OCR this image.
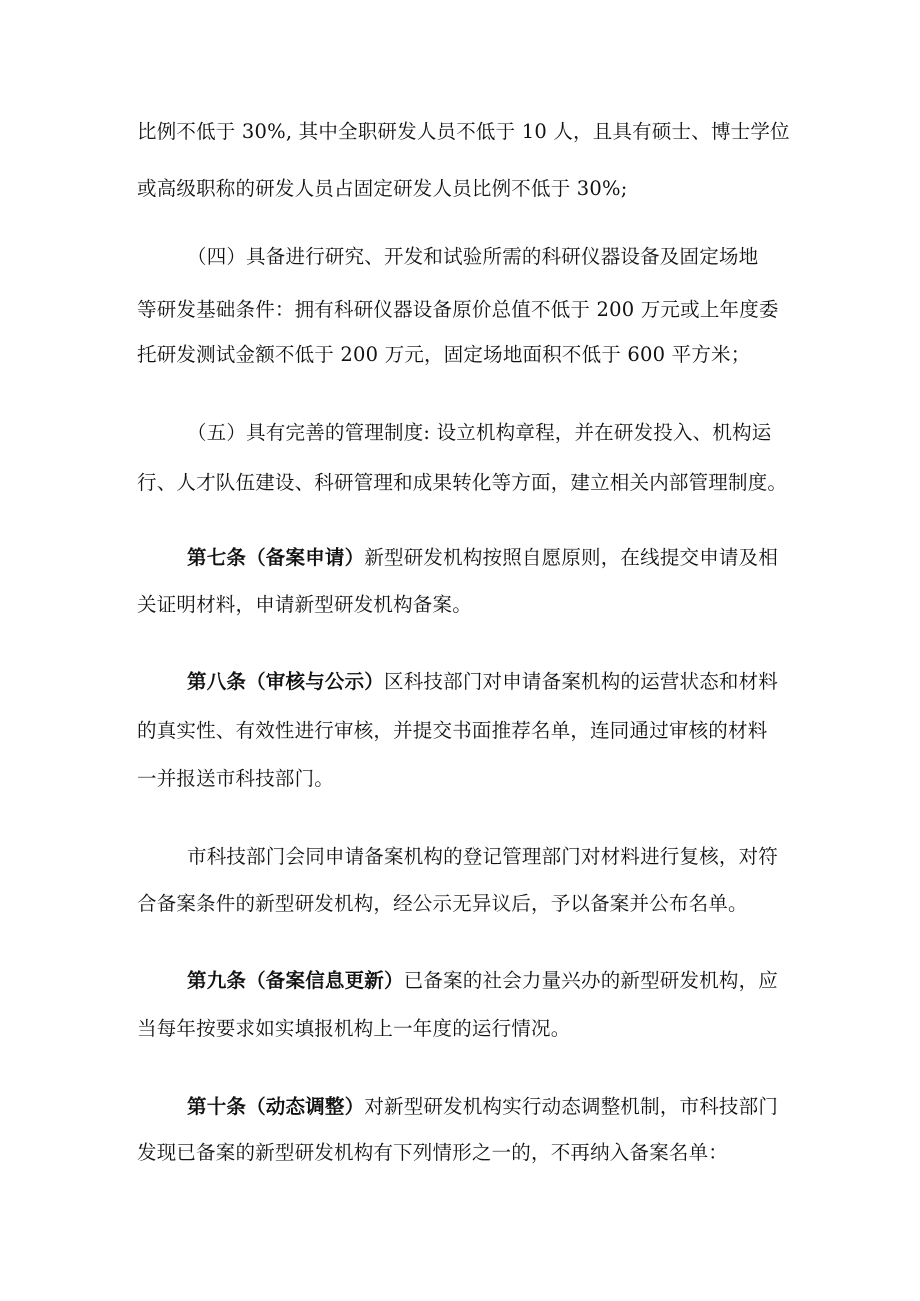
比例不低于 30%, 其中全职研发人员不低于 10 人，且具有硕士、博士学位
或高级职称的研发人员占固定研发人员比例不低于 30%;
（四）具备进行研究、开发和试验所需的科研仪器设备及固定场地
等研发基础条件：拥有科研仪器设备原价总值不低于 200 万元或上年度委
托研发测试金额不低于 200 万元，固定场地面积不低于 600 平方米；
（五）具有完善的管理制度: 设立机构章程，并在研发投入、机构运
行、人才队伍建设、科研管理和成果转化等方面，建立相关内部管理制度。
第七条（备案申请）新型研发机构按照自愿原则，在线提交申请及相
关证明材料，申请新型研发机构备案。
第八条（审核与公示）区科技部门对申请备案机构的运营状态和材料
的真实性、有效性进行审核，并提交书面推荐名单，连同通过审核的材料
一并报送市科技部门。
市科技部门会同申请备案机构的登记管理部门对材料进行复核，对符
合备案条件的新型研发机构，经公示无异议后，予以备案并公布名单。
第九条（备案信息更新）已备案的社会力量兴办的新型研发机构，应
当每年按要求如实填报机构上一年度的运行情况。
第十条（动态调整）对新型研发机构实行动态调整机制，市科技部门
发现已备案的新型研发机构有下列情形之一的，不再纳入备案名单：
